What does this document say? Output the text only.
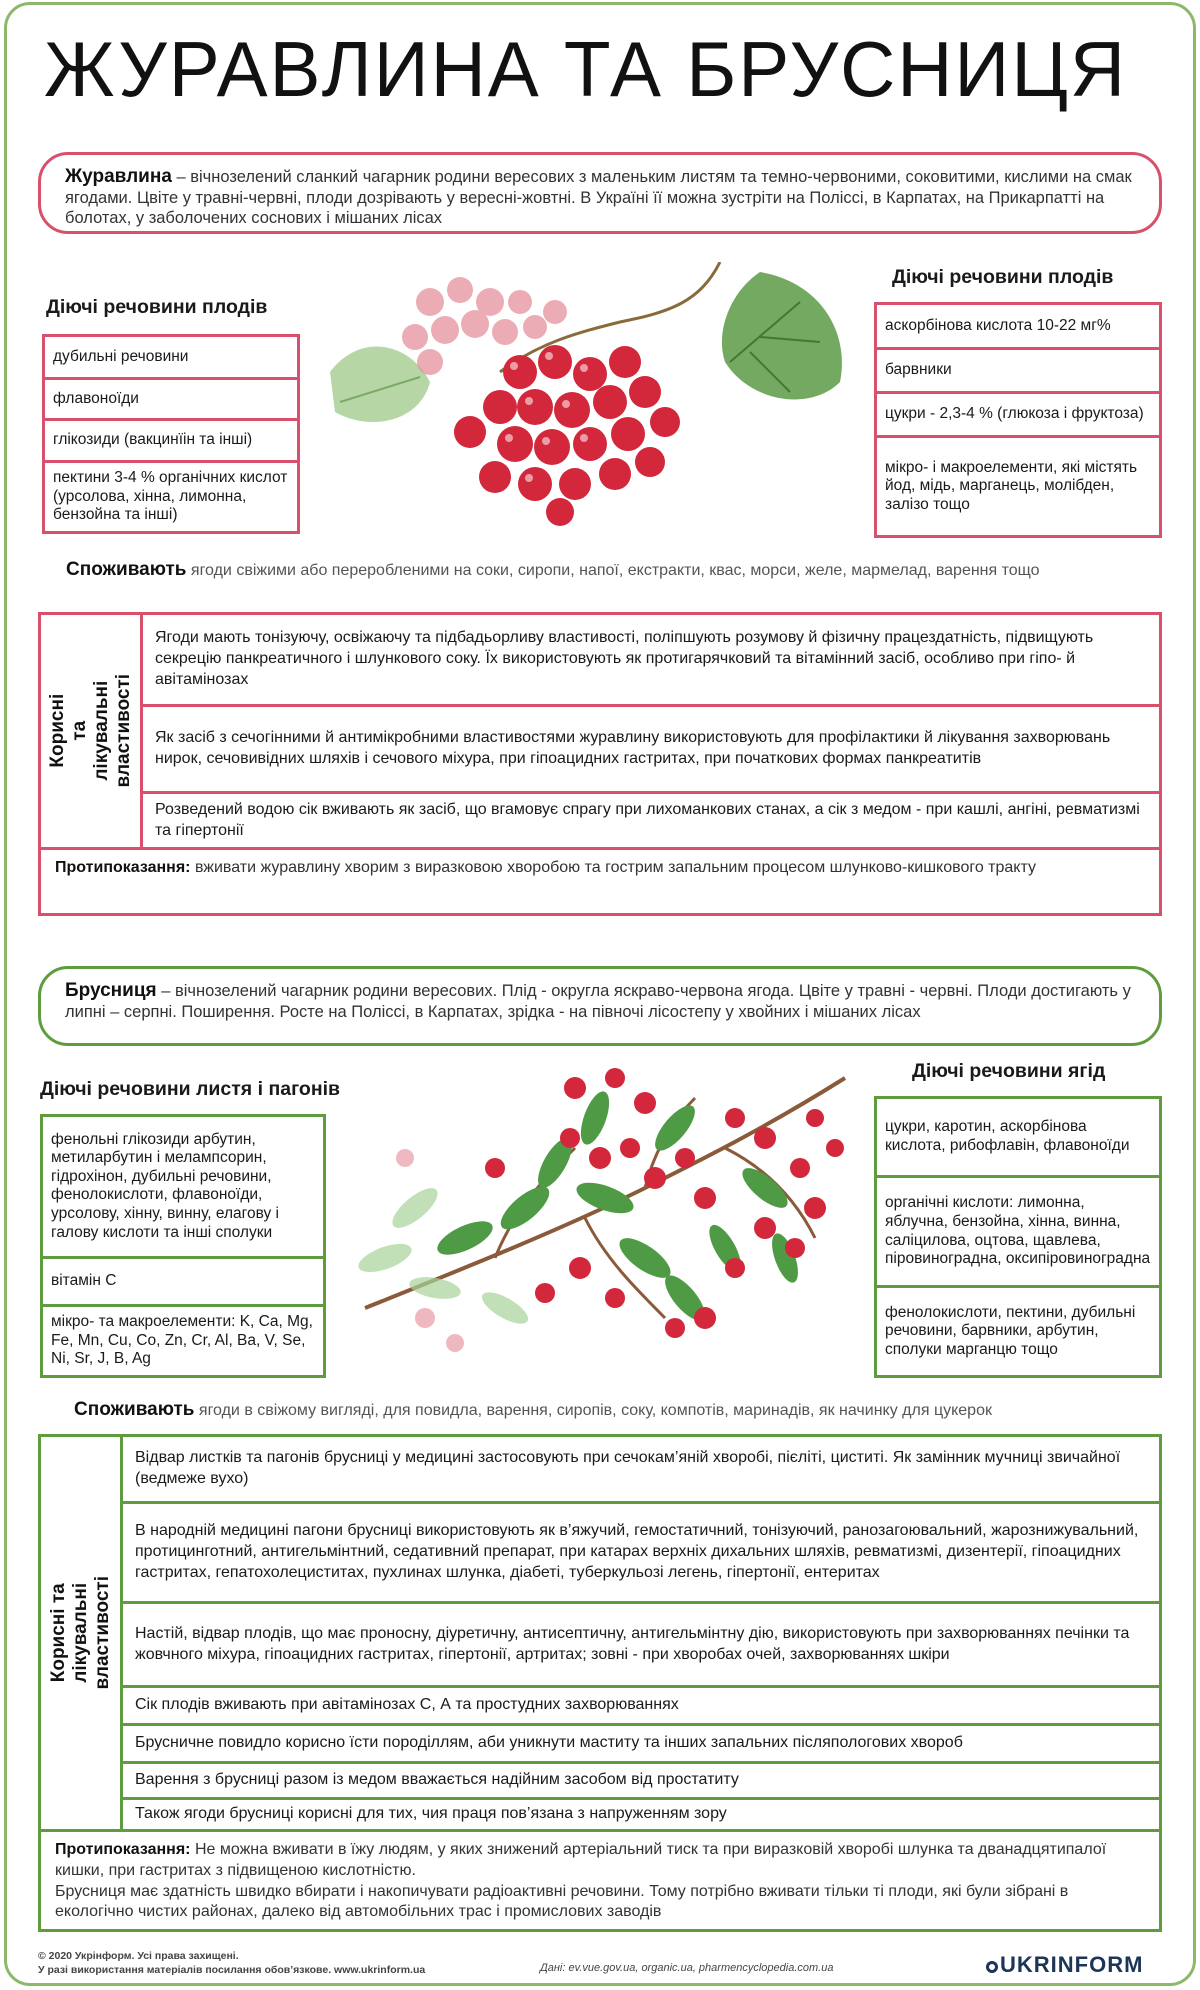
ЖУРАВЛИНА ТА БРУСНИЦЯ
Журавлина – вічнозелений сланкий чагарник родини вересових з маленьким листям та темно-червоними, соковитими, кислими на смак ягодами. Цвіте у травні-червні, плоди дозрівають у вересні-жовтні. В Україні її можна зустріти на Поліссі, в Карпатах, на Прикарпатті на болотах, у заболочених соснових і мішаних лісах
Діючі речовини плодів
дубильні речовини
флавоноїди
глікозиди (вакцинїін та інші)
пектини 3-4 % органічних кислот (урсолова, хінна, лимонна, бензойна та інші)
Діючі речовини плодів
аскорбінова кислота 10-22 мг%
барвники
цукри - 2,3-4 % (глюкоза і фруктоза)
мікро- і макроелементи, які містять йод, мідь, марганець, молібден, залізо тощо
Споживають ягоди свіжими або переробленими на соки, сиропи, напої, екстракти, квас, морси, желе, мармелад, варення тощо
Корисні
та лікувальні
властивості
Ягоди мають тонізуючу, освіжаючу та підбадьорливу властивості, поліпшують розумову й фізичну працездатність, підвищують секрецію панкреатичного і шлункового соку. Їх використовують як протигарячковий та вітамінний засіб, особливо при гіпо- й авітамінозах
Як засіб з сечогінними й антимікробними властивостями журавлину використовують для профілактики й лікування захворювань нирок, сечовивідних шляхів і сечового міхура, при гіпоацидних гастритах, при початкових формах панкреатитів
Розведений водою сік вживають як засіб, що вгамовує спрагу при лихоманкових станах, а сік з медом - при кашлі, ангіні, ревматизмі та гіпертонії
Протипоказання: вживати журавлину хворим з виразковою хворобою та гострим запальним процесом шлунково-кишкового тракту
Брусниця – вічнозелений чагарник родини вересових. Плід - округла яскраво-червона ягода. Цвіте у травні - червні. Плоди достигають у липні – серпні. Поширення. Росте на Поліссі, в Карпатах, зрідка - на півночі лісостепу у хвойних і мішаних лісах
Діючі речовини листя і пагонів
фенольні глікозиди арбутин, метиларбутин і мелампсорин, гідрохінон, дубильні речовини, фенолокислоти, флавоноїди, урсолову, хінну, винну, елагову і галову кислоти та інші сполуки
вітамін С
мікро- та макроелементи: K, Ca, Mg, Fe, Mn, Cu, Co, Zn, Cr, Al, Ba, V, Se, Ni, Sr, J, B, Ag
Діючі речовини ягід
цукри, каротин, аскорбінова кислота, рибофлавін, флавоноїди
органічні кислоти: лимонна, яблучна, бензойна, хінна, винна, саліцилова, оцтова, щавлева, піровиноградна, оксипіровиноградна
фенолокислоти, пектини, дубильні речовини, барвники, арбутин, сполуки марганцю тощо
Споживають ягоди в свіжому вигляді, для повидла, варення, сиропів, соку, компотів, маринадів, як начинку для цукерок
Корисні та лікувальні
властивості
Відвар листків та пагонів брусниці у медицині застосовують при сечокам’яній хворобі, пієліті, циститі. Як замінник мучниці звичайної (ведмеже вухо)
В народній медицині пагони брусниці використовують як в’яжучий, гемостатичний, тонізуючий, ранозагоювальний, жарознижувальний, протицинготний, антигельмінтний, седативний препарат, при катарах верхніх дихальних шляхів, ревматизмі, дизентерії, гіпоацидних гастритах, гепатохолециститах, пухлинах шлунка, діабеті, туберкульозі легень, гіпертонії, ентеритах
Настій, відвар плодів, що має проносну, діуретичну, антисептичну, антигельмінтну дію, використовують при захворюваннях печінки та жовчного міхура, гіпоацидних гастритах, гіпертонії, артритах; зовні - при хворобах очей, захворюваннях шкіри
Сік плодів вживають при авітамінозах С, А та простудних захворюваннях
Брусничне повидло корисно їсти породіллям, аби уникнути маститу та інших запальних післяпологових хвороб
Варення з брусниці разом із медом вважається надійним засобом від простатиту
Також ягоди брусниці корисні для тих, чия праця пов’язана з напруженням зору
Протипоказання: Не можна вживати в їжу людям, у яких знижений артеріальний тиск та при виразковій хворобі шлунка та дванадцятипалої кишки, при гастритах з підвищеною кислотністю.
Брусниця має здатність швидко вбирати і накопичувати радіоактивні речовини. Тому потрібно вживати тільки ті плоди, які були зібрані в екологічно чистих районах, далеко від автомобільних трас і промислових заводів
© 2020 Укрінформ. Усі права захищені.
У разі використання матеріалів посилання обов’язкове. www.ukrinform.ua	Дані: ev.vue.gov.ua, organic.ua, pharmencyclopedia.com.ua	UKRINFORM
